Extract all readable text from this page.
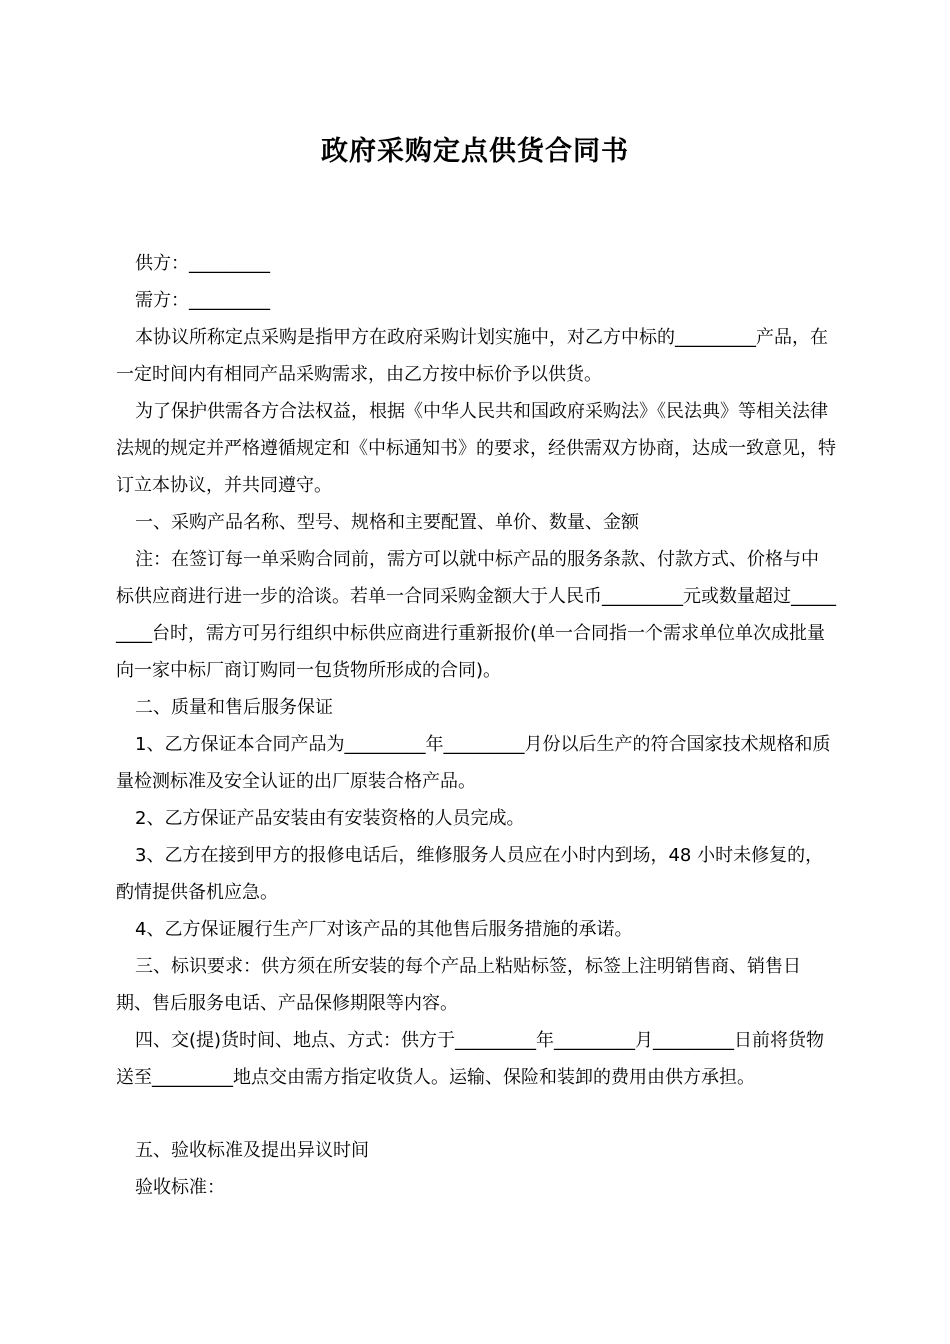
政府采购定点供货合同书

供方：_________

需方：_________

本协议所称定点采购是指甲方在政府采购计划实施中，对乙方中标的_________产品，在一定时间内有相同产品采购需求，由乙方按中标价予以供货。

为了保护供需各方合法权益，根据《中华人民共和国政府采购法》《民法典》等相关法律法规的规定并严格遵循规定和《中标通知书》的要求，经供需双方协商，达成一致意见，特订立本协议，并共同遵守。

一、采购产品名称、型号、规格和主要配置、单价、数量、金额

注：在签订每一单采购合同前，需方可以就中标产品的服务条款、付款方式、价格与中标供应商进行进一步的洽谈。若单一合同采购金额大于人民币_________元或数量超过_________台时，需方可另行组织中标供应商进行重新报价(单一合同指一个需求单位单次成批量向一家中标厂商订购同一包货物所形成的合同)。

二、质量和售后服务保证

1、乙方保证本合同产品为_________年_________月份以后生产的符合国家技术规格和质量检测标准及安全认证的出厂原装合格产品。

2、乙方保证产品安装由有安装资格的人员完成。

3、乙方在接到甲方的报修电话后，维修服务人员应在小时内到场，48 小时未修复的，酌情提供备机应急。

4、乙方保证履行生产厂对该产品的其他售后服务措施的承诺。

三、标识要求：供方须在所安装的每个产品上粘贴标签，标签上注明销售商、销售日期、售后服务电话、产品保修期限等内容。

四、交(提)货时间、地点、方式：供方于_________年_________月_________日前将货物送至_________地点交由需方指定收货人。运输、保险和装卸的费用由供方承担。

五、验收标准及提出异议时间

验收标准：
